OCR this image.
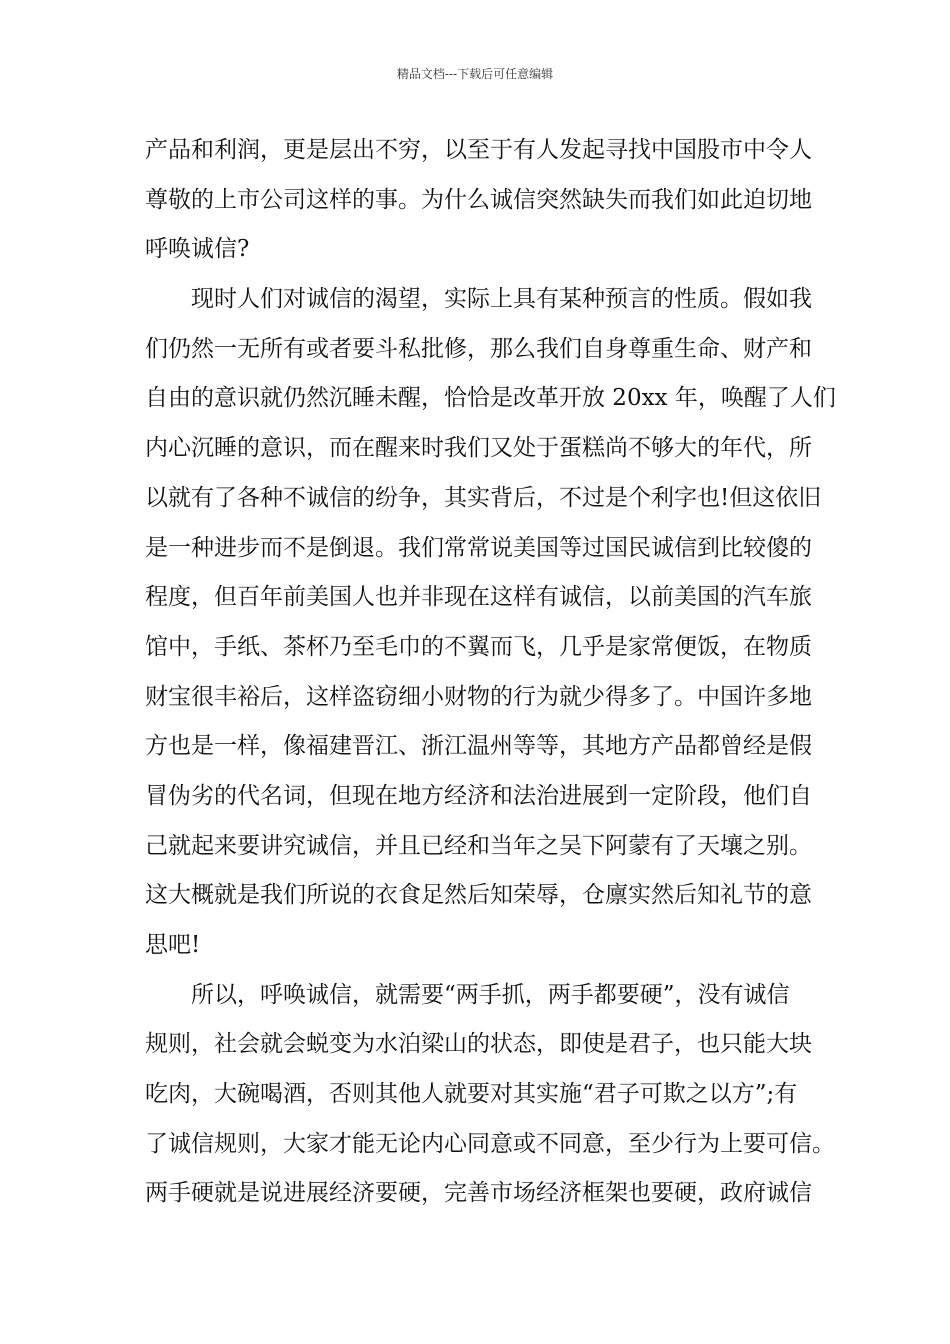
精品文档---下载后可任意编辑
产品和利润，更是层出不穷，以至于有人发起寻找中国股市中令人
尊敬的上市公司这样的事。为什么诚信突然缺失而我们如此迫切地
呼唤诚信?
现时人们对诚信的渴望，实际上具有某种预言的性质。假如我
们仍然一无所有或者要斗私批修，那么我们自身尊重生命、财产和
自由的意识就仍然沉睡未醒，恰恰是改革开放 20xx 年，唤醒了人们
内心沉睡的意识，而在醒来时我们又处于蛋糕尚不够大的年代，所
以就有了各种不诚信的纷争，其实背后，不过是个利字也!但这依旧
是一种进步而不是倒退。我们常常说美国等过国民诚信到比较傻的
程度，但百年前美国人也并非现在这样有诚信，以前美国的汽车旅
馆中，手纸、茶杯乃至毛巾的不翼而飞，几乎是家常便饭，在物质
财宝很丰裕后，这样盗窃细小财物的行为就少得多了。中国许多地
方也是一样，像福建晋江、浙江温州等等，其地方产品都曾经是假
冒伪劣的代名词，但现在地方经济和法治进展到一定阶段，他们自
己就起来要讲究诚信，并且已经和当年之吴下阿蒙有了天壤之别。
这大概就是我们所说的衣食足然后知荣辱，仓廪实然后知礼节的意
思吧!
所以，呼唤诚信，就需要“两手抓，两手都要硬”，没有诚信
规则，社会就会蜕变为水泊梁山的状态，即使是君子，也只能大块
吃肉，大碗喝酒，否则其他人就要对其实施“君子可欺之以方”;有
了诚信规则，大家才能无论内心同意或不同意，至少行为上要可信。
两手硬就是说进展经济要硬，完善市场经济框架也要硬，政府诚信
